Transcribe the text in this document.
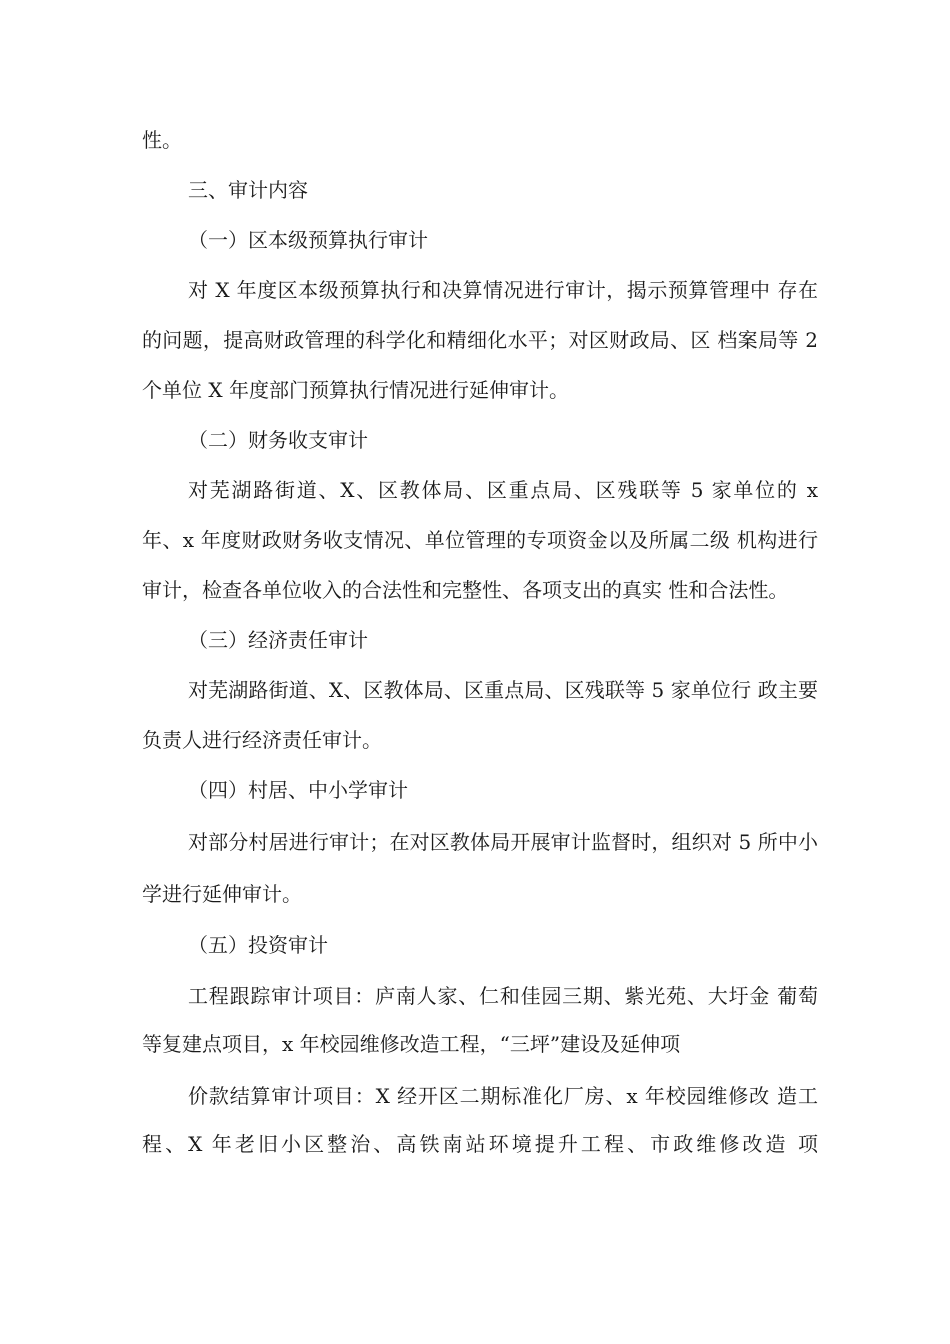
性。
三、审计内容
（一）区本级预算执行审计
对 X 年度区本级预算执行和决算情况进行审计，揭示预算管理中 存在
的问题，提高财政管理的科学化和精细化水平；对区财政局、区 档案局等 2
个单位 X 年度部门预算执行情况进行延伸审计。
（二）财务收支审计
对芜湖路街道、X、区教体局、区重点局、区残联等 5 家单位的 x
年、x 年度财政财务收支情况、单位管理的专项资金以及所属二级 机构进行
审计，检查各单位收入的合法性和完整性、各项支出的真实 性和合法性。
（三）经济责任审计
对芜湖路街道、X、区教体局、区重点局、区残联等 5 家单位行 政主要
负责人进行经济责任审计。
（四）村居、中小学审计
对部分村居进行审计；在对区教体局开展审计监督时，组织对 5 所中小
学进行延伸审计。
（五）投资审计
工程跟踪审计项目：庐南人家、仁和佳园三期、紫光苑、大圩金 葡萄
等复建点项目，x 年校园维修改造工程，“三坪”建设及延伸项
价款结算审计项目：X 经开区二期标准化厂房、x 年校园维修改 造工
程、X 年老旧小区整治、高铁南站环境提升工程、市政维修改造 项
